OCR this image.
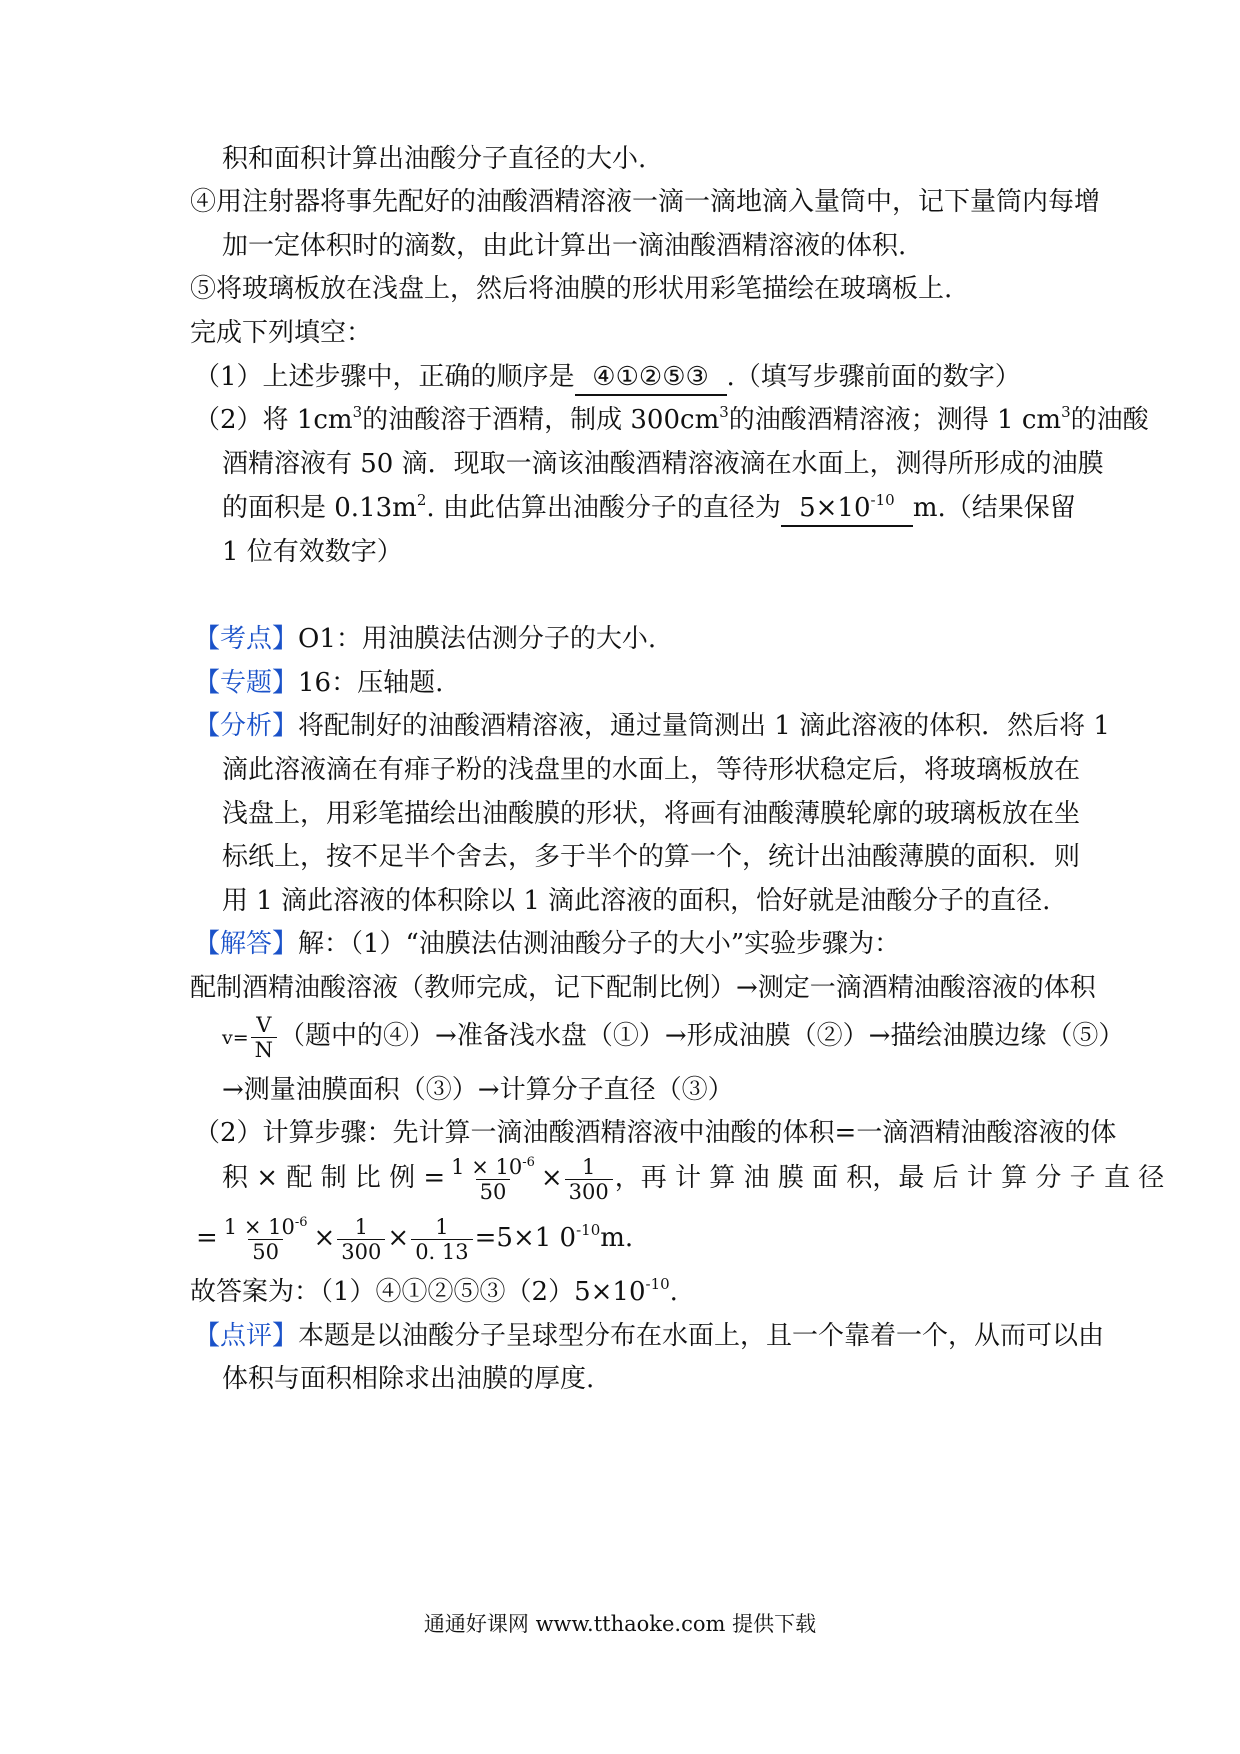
积和面积计算出油酸分子直径的大小.
④用注射器将事先配好的油酸酒精溶液一滴一滴地滴入量筒中，记下量筒内每增
加一定体积时的滴数，由此计算出一滴油酸酒精溶液的体积.
⑤将玻璃板放在浅盘上，然后将油膜的形状用彩笔描绘在玻璃板上.
完成下列填空：
（1）上述步骤中，正确的顺序是 ④①②⑤③ .（填写步骤前面的数字）
（2）将 $1cm^3$的油酸溶于酒精，制成 $300cm^3$的油酸酒精溶液；测得 1 $cm^3$的油酸
酒精溶液有 50 滴．现取一滴该油酸酒精溶液滴在水面上，测得所形成的油膜
的面积是 $0.13m^2$. 由此估算出油酸分子的直径为 $5\times 10^{-10}$ m.（结果保留
1 位有效数字）
【考点】O1：用油膜法估测分子的大小.
【专题】16：压轴题.
【分析】将配制好的油酸酒精溶液，通过量筒测出 1 滴此溶液的体积．然后将 1
滴此溶液滴在有痱子粉的浅盘里的水面上，等待形状稳定后，将玻璃板放在
浅盘上，用彩笔描绘出油酸膜的形状，将画有油酸薄膜轮廓的玻璃板放在坐
标纸上，按不足半个舍去，多于半个的算一个，统计出油酸薄膜的面积．则
用 1 滴此溶液的体积除以 1 滴此溶液的面积，恰好就是油酸分子的直径.
【解答】解：（1）“油膜法估测油酸分子的大小”实验步骤为：
配制酒精油酸溶液（教师完成，记下配制比例）→测定一滴酒精油酸溶液的体积
$v= \frac{V}{N}$ （题中的④）→准备浅水盘（①）→形成油膜（②）→描绘油膜边缘（⑤）
→测量油膜面积（③）→计算分子直径（③）
（2）计算步骤：先计算一滴油酸酒精溶液中油酸的体积=一滴酒精油酸溶液的体
积 × 配 制 比 例 = $\frac{1 \times 10^{-6}}{50} \times \frac{1}{300}$ ，再 计 算 油 膜 面 积，最 后 计 算 分 子 直 径
= $\frac{1 \times 10^{-6}}{50} \times \frac{1}{300} \times \frac{1}{0. 13} =5\times 1$ $0^{-10}m$.
故答案为：$(1)④①②⑤③(2)5\times 10^{-10}$.
【点评】本题是以油酸分子呈球型分布在水面上，且一个靠着一个，从而可以由
体积与面积相除求出油膜的厚度.
通通好课网 www.tthaoke.com 提供下载
